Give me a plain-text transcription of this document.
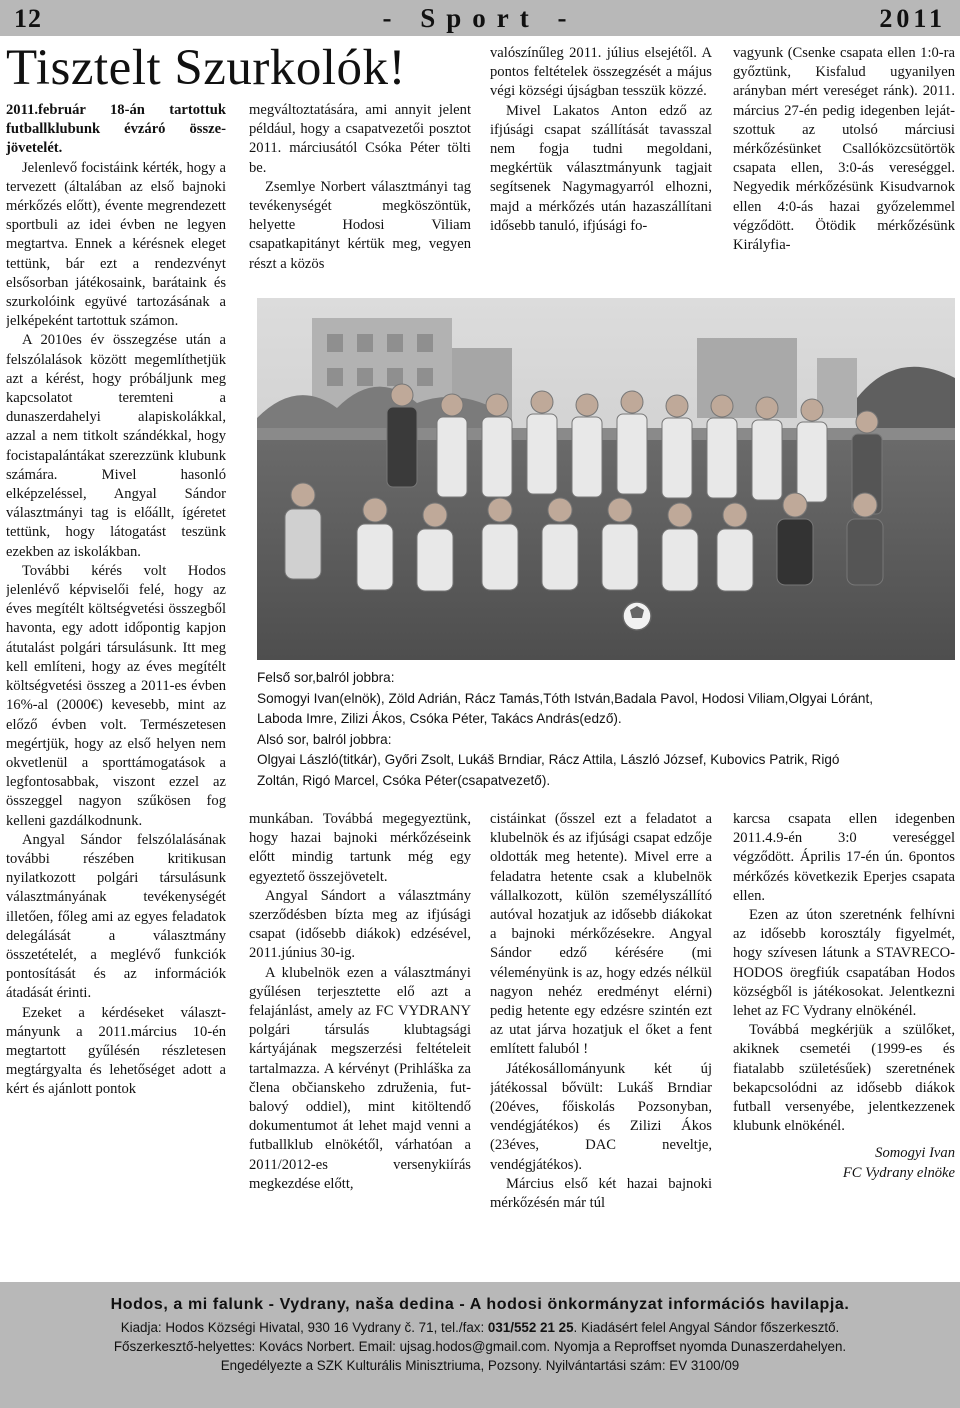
12	- Sport -	2011
Tisztelt Szurkolók!

2011.február 18-án tartottuk futballklubunk évzáró összejövetelét.

Jelenlevő focistáink kérték, hogy a tervezett (általában az első bajnoki mérkőzés előtt), évente megrendezett sportbuli az idei évben ne legyen megtartva. Ennek a kérésnek eleget tettünk, bár ezt a rendezvényt elsősorban játékosaink, barátaink és szurkolóink együvé tartozásának a jelképeként tartottuk számon.

A 2010es év összegzése után a felszólalások között megemlíthetjük azt a kérést, hogy próbáljunk meg kapcsolatot teremteni a dunaszerdahelyi alapiskolákkal, azzal a nem titkolt szándékkal, hogy focistapalántákat szerezzünk klubunk számára. Mivel hasonló elképzeléssel, Angyal Sándor választmányi tag is előállt, ígéretet tettünk, hogy látogatást teszünk ezekben az iskolákban.

További kérés volt Hodos jelenlévő képviselői felé, hogy az éves megítélt költségvetési összegből havonta, egy adott időpontig kapjon átutalást polgári társulásunk. Itt meg kell említeni, hogy az éves megítélt költségvetési összeg a 2011-es évben 16%-al (2000€) kevesebb, mint az előző évben volt. Természetesen megértjük, hogy az első helyen nem okvetlenül a sporttámogatások a legfontosabbak, viszont ezzel az összeggel nagyon szűkösen fog kelleni gazdálkodnunk.

Angyal Sándor felszólalásának további részében kritikusan nyilatkozott polgári társulásunk választmányának tevékenységét illetően, főleg ami az egyes feladatok delegálását a választmány összetételét, a meglévő funkciók pontosítását és az információk átadását érinti.

Ezeket a kérdéseket választmányunk a 2011.március 10-én megtartott gyűlésén részletesen megtárgyalta és lehetőséget adott a kért és ajánlott pontok

megváltoztatására, ami annyit jelent például, hogy a csapatvezetői posztot 2011. márciusától Csóka Péter tölti be.

Zsemlye Norbert választmányi tag tevékenységét megköszöntük, helyette Hodosi Viliam csapatkapitányt kértük meg, vegyen részt a közös

valószínűleg 2011. július elsejétől. A pontos feltételek összegzését a május végi községi újságban tesszük közzé.

Mivel Lakatos Anton edző az ifjúsági csapat szállítását tavasszal nem fogja tudni megoldani, megkértük választmányunk tagjait segítsenek Nagymagyarról elhozni, majd a mérkőzés után hazaszállítani idősebb tanuló, ifjúsági fo-

vagyunk (Csenke csapata ellen 1:0-ra győztünk, Kisfalud ugyanilyen arányban mért vereséget ránk). 2011. március 27-én pedig idegenben lejátszottuk az utolsó márciusi mérkőzésünket Csallóközcsütörtök csapata ellen, 3:0-ás vereséggel. Negyedik mérkőzésünk Kisudvarnok ellen 4:0-ás hazai győzelemmel végződött. Ötödik mérkőzésünk Királyfia-

Felső sor,balról jobbra:
Somogyi Ivan(elnök), Zöld Adrián, Rácz Tamás,Tóth István,Badala Pavol, Hodosi Viliam,Olgyai Lóránt,
Laboda Imre, Zilizi Ákos, Csóka Péter, Takács András(edző).
Alsó sor, balról jobbra:
Olgyai László(titkár), Győri Zsolt, Lukáš Brndiar, Rácz Attila, László József, Kubovics Patrik, Rigó
Zoltán, Rigó Marcel, Csóka Péter(csapatvezető).

munkában. Továbbá megegyeztünk, hogy hazai bajnoki mérkőzéseink előtt mindig tartunk még egy egyeztető összejövetelt.

Angyal Sándort a választmány szerződésben bízta meg az ifjúsági csapat (idősebb diákok) edzésével, 2011.június 30-ig.

A klubelnök ezen a választmányi gyűlésen terjesztette elő azt a felajánlást, amely az FC VYDRANY polgári társulás klubtagsági kártyájának megszerzési feltételeit tartalmazza. A kérvényt (Prihláška za člena občianskeho združenia, futbalový oddiel), mint kitöltendő dokumentumot át lehet majd venni a futballklub elnökétől, várhatóan a 2011/2012-es versenykiírás megkezdése előtt,

cistáinkat (ősszel ezt a feladatot a klubelnök és az ifjúsági csapat edzője oldották meg hetente). Mivel erre a feladatra hetente csak a klubelnök vállalkozott, külön személyszállító autóval hozatjuk az idősebb diákokat a bajnoki mérkőzésekre. Angyal Sándor edző kérésére (mi véleményünk is az, hogy edzés nélkül nagyon nehéz eredményt elérni) pedig hetente egy edzésre szintén ezt az utat járva hozatjuk el őket a fent említett faluból !

Játékosállományunk két új játékossal bővült: Lukáš Brndiar (20éves, főiskolás Pozsonyban, vendégjátékos) és Zilizi Ákos (23éves, DAC neveltje, vendégjátékos).

Március első két hazai bajnoki mérkőzésén már túl

karcsa csapata ellen idegenben 2011.4.9-én 3:0 vereséggel végződött. Április 17-én ún. 6pontos mérkőzés következik Eperjes csapata ellen.

Ezen az úton szeretnénk felhívni az idősebb korosztály figyelmét, hogy szívesen látunk a STAVRECO-HODOS öregfiúk csapatában Hodos községből is játékosokat. Jelentkezni lehet az FC Vydrany elnökénél.

Továbbá megkérjük a szülőket, akiknek csemetéi (1999-es és fiatalabb születésűek) szeretnének bekapcsolódni az idősebb diákok futball versenyébe, jelentkezzenek klubunk elnökénél.

Somogyi Ivan

FC Vydrany elnöke

Hodos, a mi falunk - Vydrany, naša dedina - A hodosi önkormányzat információs havilapja.
Kiadja: Hodos Községi Hivatal, 930 16 Vydrany č. 71, tel./fax: 031/552 21 25. Kiadásért felel Angyal Sándor főszerkesztő.
Főszerkesztő-helyettes: Kovács Norbert. Email: ujsag.hodos@gmail.com. Nyomja a Reproffset nyomda Dunaszerdahelyen.
Engedélyezte a SZK Kulturális Minisztriuma, Pozsony. Nyilvántartási szám: EV 3100/09
